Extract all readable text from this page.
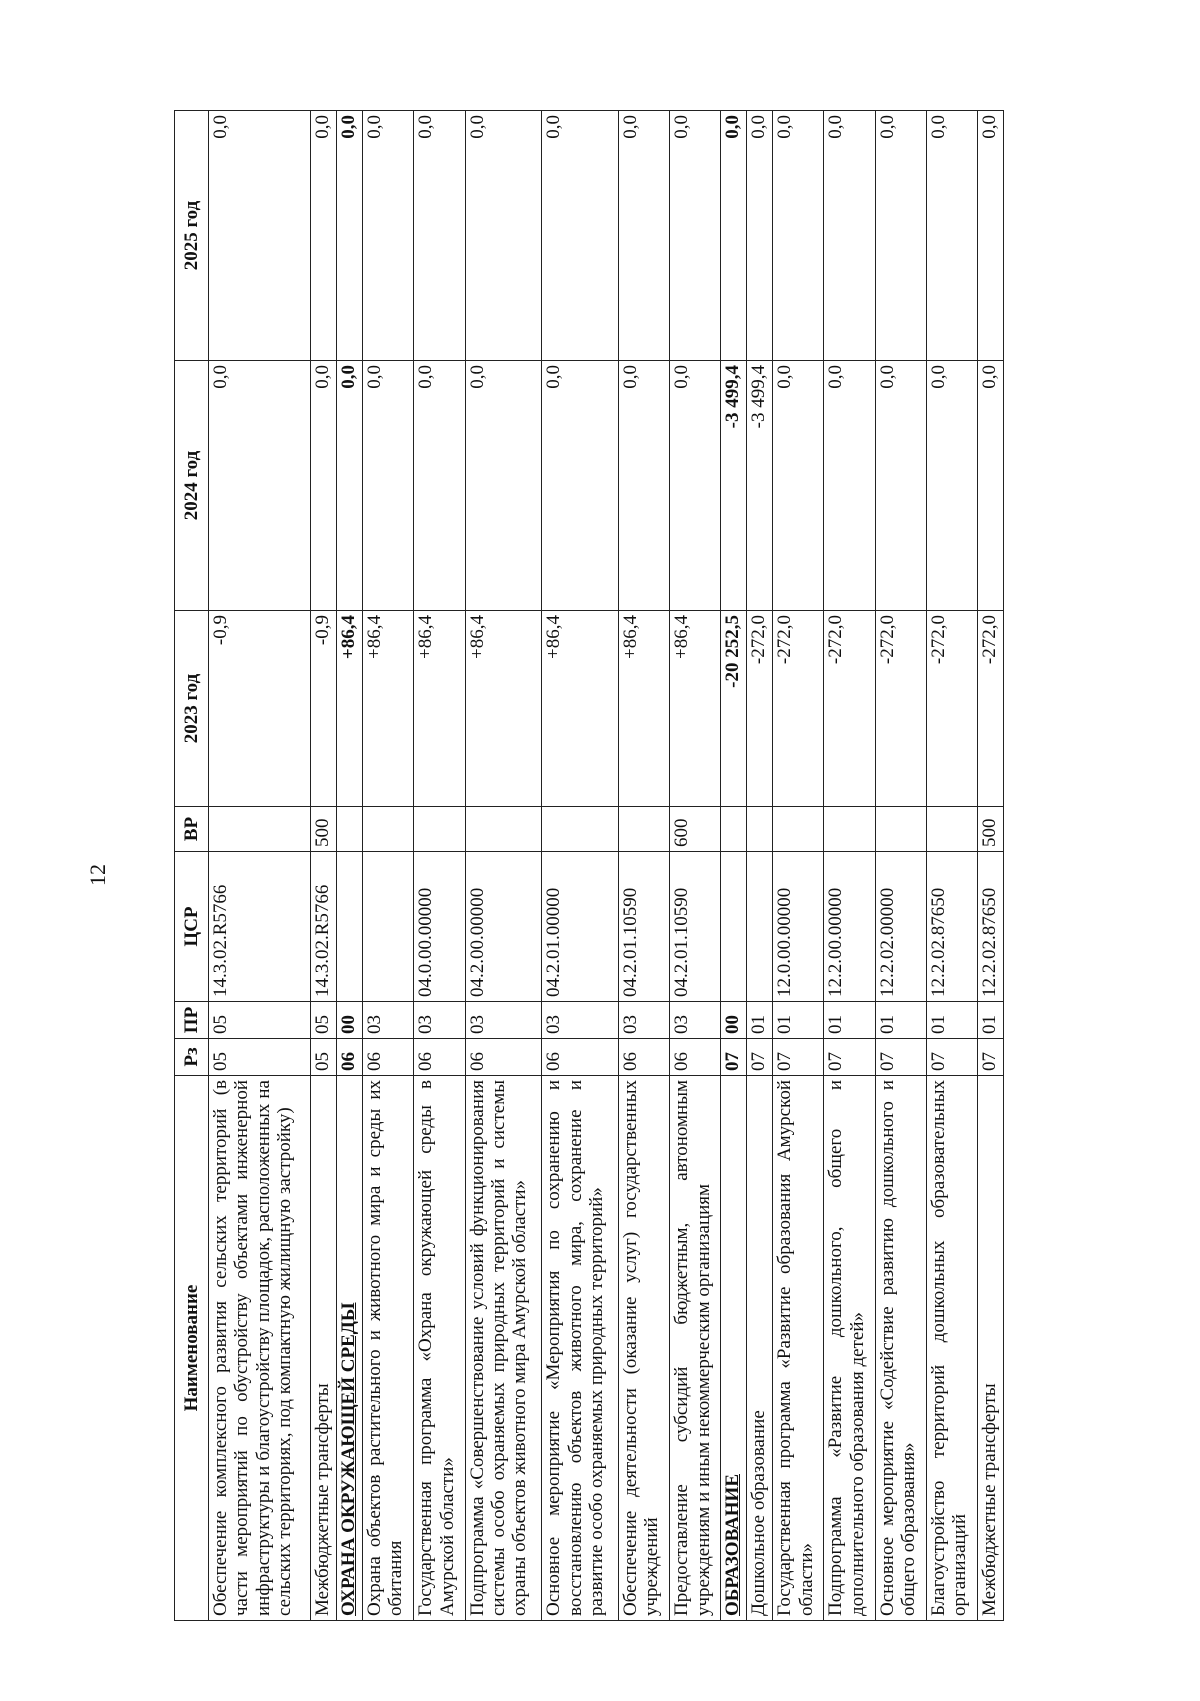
12
Наименование	Рз	ПР	ЦСР	ВР	2023 год	2024 год	2025 год
Обеспечение комплексного развития сельских территорий (в части мероприятий по обустройству объектами инженерной инфраструктуры и благоустройству площадок, расположенных на сельских территориях, под компактную жилищную застройку)	05	05	14.3.02.R5766		-0,9	0,0	0,0
Межбюджетные трансферты	05	05	14.3.02.R5766	500	-0,9	0,0	0,0
ОХРАНА ОКРУЖАЮЩЕЙ СРЕДЫ	06	00			+86,4	0,0	0,0
Охрана объектов растительного и животного мира и среды их обитания	06	03			+86,4	0,0	0,0
Государственная программа «Охрана окружающей среды в Амурской области»	06	03	04.0.00.00000		+86,4	0,0	0,0
Подпрограмма «Совершенствование условий функционирования системы особо охраняемых природных территорий и системы охраны объектов животного мира Амурской области»	06	03	04.2.00.00000		+86,4	0,0	0,0
Основное мероприятие «Мероприятия по сохранению и восстановлению объектов животного мира, сохранение и развитие особо охраняемых природных территорий»	06	03	04.2.01.00000		+86,4	0,0	0,0
Обеспечение деятельности (оказание услуг) государственных учреждений	06	03	04.2.01.10590		+86,4	0,0	0,0
Предоставление субсидий бюджетным, автономным учреждениям и иным некоммерческим организациям	06	03	04.2.01.10590	600	+86,4	0,0	0,0
ОБРАЗОВАНИЕ	07	00			-20 252,5	-3 499,4	0,0
Дошкольное образование	07	01			-272,0	-3 499,4	0,0
Государственная программа «Развитие образования Амурской области»	07	01	12.0.00.00000		-272,0	0,0	0,0
Подпрограмма «Развитие дошкольного, общего и дополнительного образования детей»	07	01	12.2.00.00000		-272,0	0,0	0,0
Основное мероприятие «Содействие развитию дошкольного и общего образования»	07	01	12.2.02.00000		-272,0	0,0	0,0
Благоустройство территорий дошкольных образовательных организаций	07	01	12.2.02.87650		-272,0	0,0	0,0
Межбюджетные трансферты	07	01	12.2.02.87650	500	-272,0	0,0	0,0
